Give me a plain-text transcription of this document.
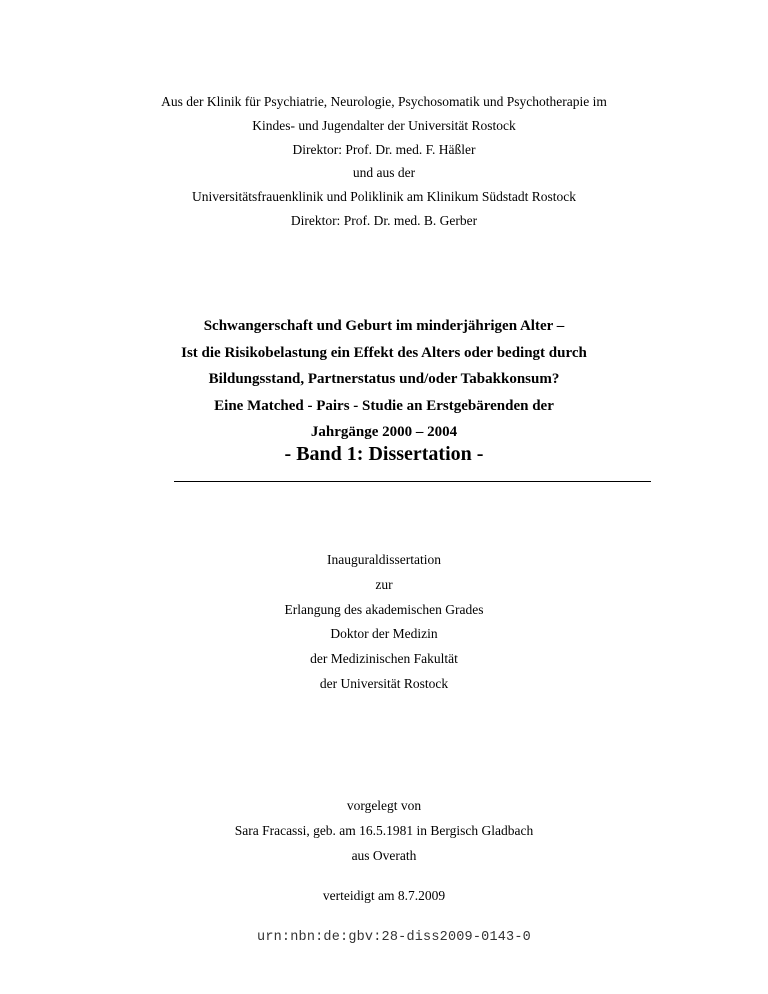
Aus der Klinik für Psychiatrie, Neurologie, Psychosomatik und Psychotherapie im
Kindes- und Jugendalter der Universität Rostock
Direktor: Prof. Dr. med. F. Häßler
und aus der
Universitätsfrauenklinik und Poliklinik am Klinikum Südstadt Rostock
Direktor: Prof. Dr. med. B. Gerber
Schwangerschaft und Geburt im minderjährigen Alter –
Ist die Risikobelastung ein Effekt des Alters oder bedingt durch
Bildungsstand, Partnerstatus und/oder Tabakkonsum?
Eine Matched - Pairs - Studie an Erstgebärenden der
Jahrgänge 2000 – 2004
- Band 1: Dissertation -
Inauguraldissertation
zur
Erlangung des akademischen Grades
Doktor der Medizin
der Medizinischen Fakultät
der Universität Rostock
vorgelegt von
Sara Fracassi, geb. am 16.5.1981 in Bergisch Gladbach
aus Overath
verteidigt am 8.7.2009
urn:nbn:de:gbv:28-diss2009-0143-0
